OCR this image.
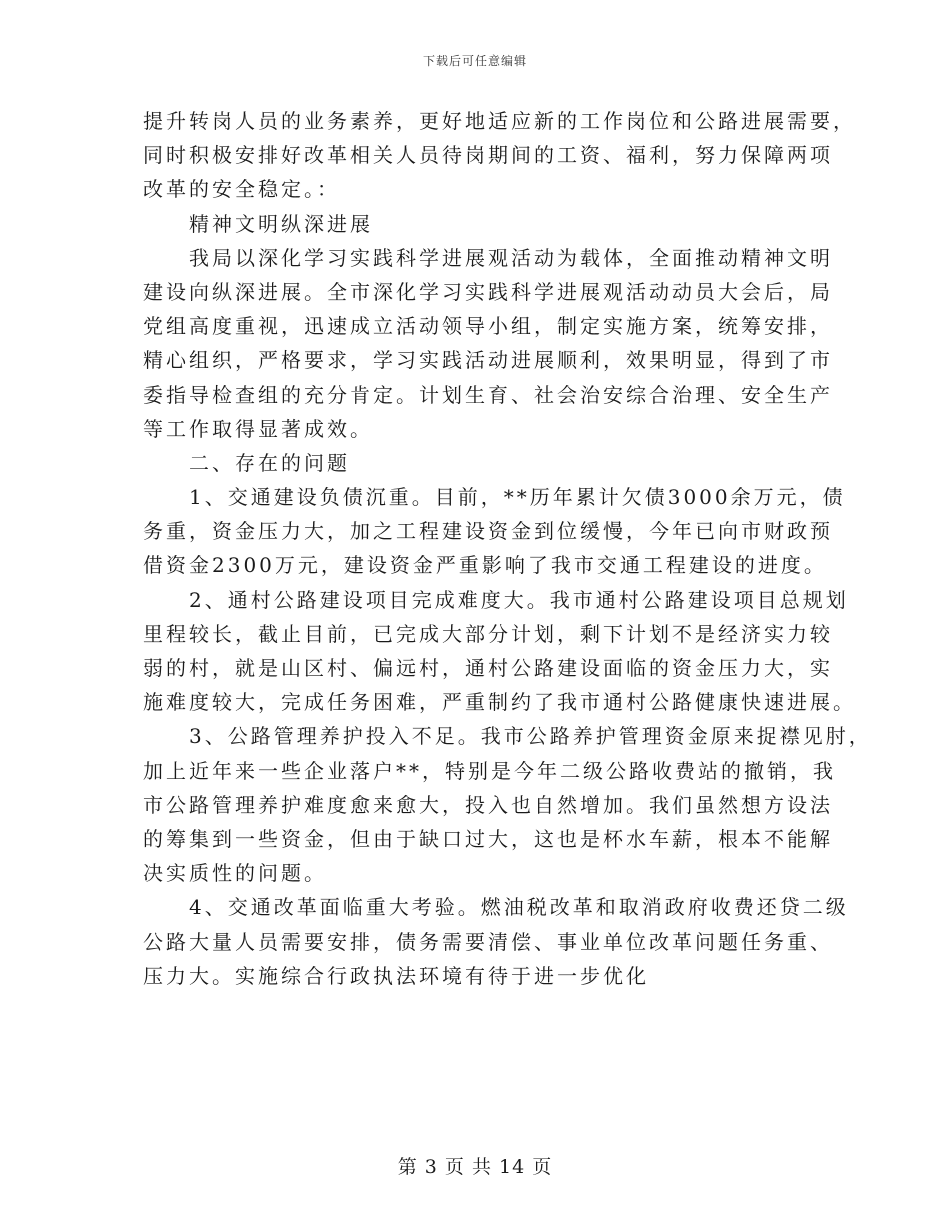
下载后可任意编辑
提升转岗人员的业务素养，更好地适应新的工作岗位和公路进展需要，
同时积极安排好改革相关人员待岗期间的工资、福利，努力保障两项
改革的安全稳定。：
　　精神文明纵深进展
　　我局以深化学习实践科学进展观活动为载体，全面推动精神文明
建设向纵深进展。全市深化学习实践科学进展观活动动员大会后，局
党组高度重视，迅速成立活动领导小组，制定实施方案，统筹安排，
精心组织，严格要求，学习实践活动进展顺利，效果明显，得到了市
委指导检查组的充分肯定。计划生育、社会治安综合治理、安全生产
等工作取得显著成效。
　　二、存在的问题
　　1、交通建设负债沉重。目前，**历年累计欠债3000余万元，债
务重，资金压力大，加之工程建设资金到位缓慢，今年已向市财政预
借资金2300万元，建设资金严重影响了我市交通工程建设的进度。
　　2、通村公路建设项目完成难度大。我市通村公路建设项目总规划
里程较长，截止目前，已完成大部分计划，剩下计划不是经济实力较
弱的村，就是山区村、偏远村，通村公路建设面临的资金压力大，实
施难度较大，完成任务困难，严重制约了我市通村公路健康快速进展。
　　3、公路管理养护投入不足。我市公路养护管理资金原来捉襟见肘，
加上近年来一些企业落户**，特别是今年二级公路收费站的撤销，我
市公路管理养护难度愈来愈大，投入也自然增加。我们虽然想方设法
的筹集到一些资金，但由于缺口过大，这也是杯水车薪，根本不能解
决实质性的问题。
　　4、交通改革面临重大考验。燃油税改革和取消政府收费还贷二级
公路大量人员需要安排，债务需要清偿、事业单位改革问题任务重、
压力大。实施综合行政执法环境有待于进一步优化
第 3 页 共 14 页
